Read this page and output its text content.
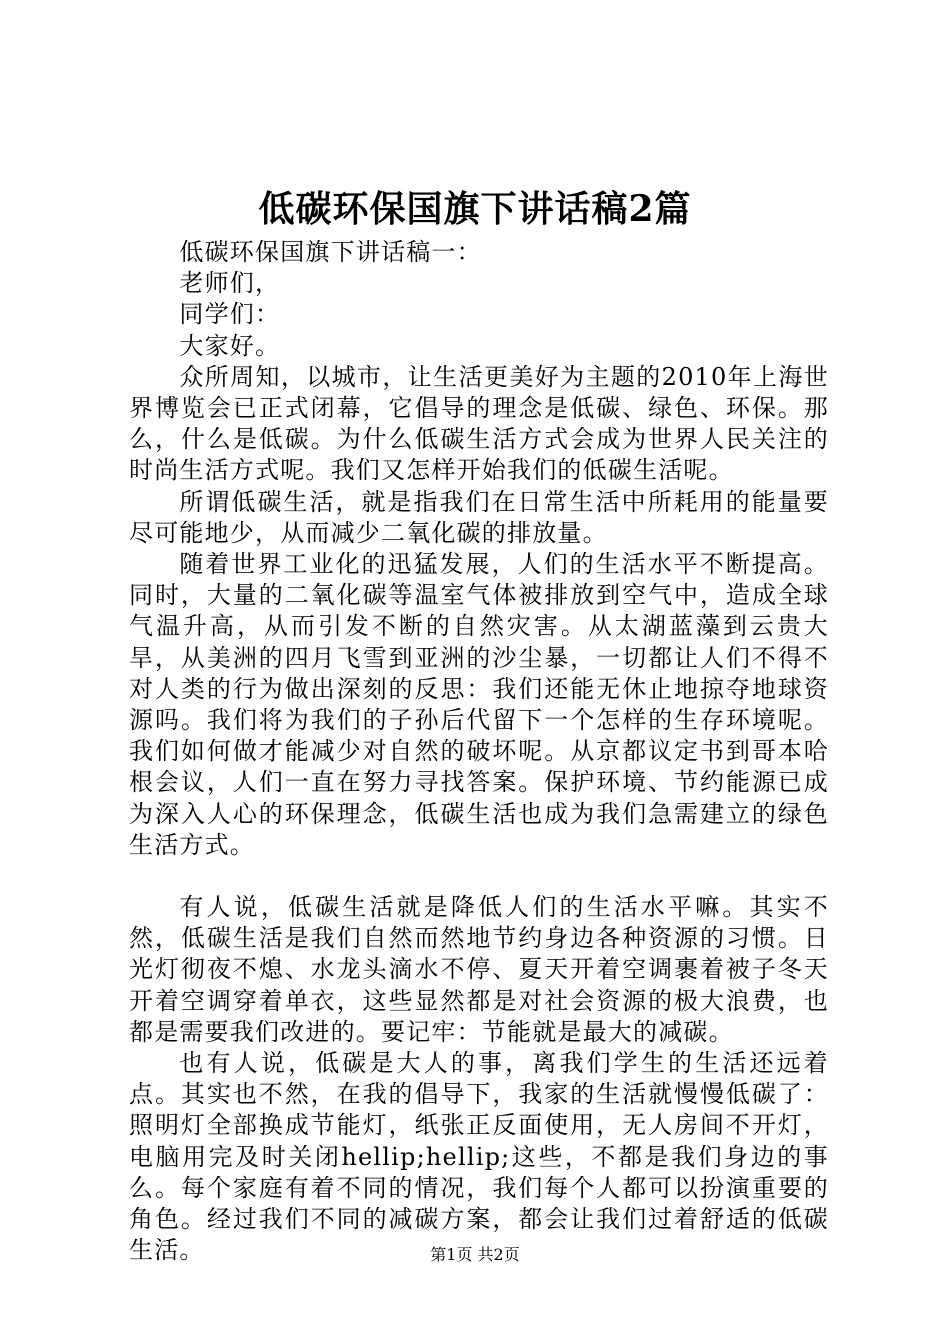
低碳环保国旗下讲话稿2篇

低碳环保国旗下讲话稿一：

老师们，

同学们：

大家好。

众所周知，以城市，让生活更美好为主题的2010年上海世界博览会已正式闭幕，它倡导的理念是低碳、绿色、环保。那么，什么是低碳。为什么低碳生活方式会成为世界人民关注的时尚生活方式呢。我们又怎样开始我们的低碳生活呢。

所谓低碳生活，就是指我们在日常生活中所耗用的能量要尽可能地少，从而减少二氧化碳的排放量。

随着世界工业化的迅猛发展，人们的生活水平不断提高。同时，大量的二氧化碳等温室气体被排放到空气中，造成全球气温升高，从而引发不断的自然灾害。从太湖蓝藻到云贵大旱，从美洲的四月飞雪到亚洲的沙尘暴，一切都让人们不得不对人类的行为做出深刻的反思：我们还能无休止地掠夺地球资源吗。我们将为我们的子孙后代留下一个怎样的生存环境呢。我们如何做才能减少对自然的破坏呢。从京都议定书到哥本哈根会议，人们一直在努力寻找答案。保护环境、节约能源已成为深入人心的环保理念，低碳生活也成为我们急需建立的绿色生活方式。

有人说，低碳生活就是降低人们的生活水平嘛。其实不然，低碳生活是我们自然而然地节约身边各种资源的习惯。日光灯彻夜不熄、水龙头滴水不停、夏天开着空调裹着被子冬天开着空调穿着单衣，这些显然都是对社会资源的极大浪费，也都是需要我们改进的。要记牢：节能就是最大的减碳。

也有人说，低碳是大人的事，离我们学生的生活还远着点。其实也不然，在我的倡导下，我家的生活就慢慢低碳了：照明灯全部换成节能灯，纸张正反面使用，无人房间不开灯，电脑用完及时关闭hellip;hellip;这些，不都是我们身边的事么。每个家庭有着不同的情况，我们每个人都可以扮演重要的角色。经过我们不同的减碳方案，都会让我们过着舒适的低碳生活。	第1页 共2页
